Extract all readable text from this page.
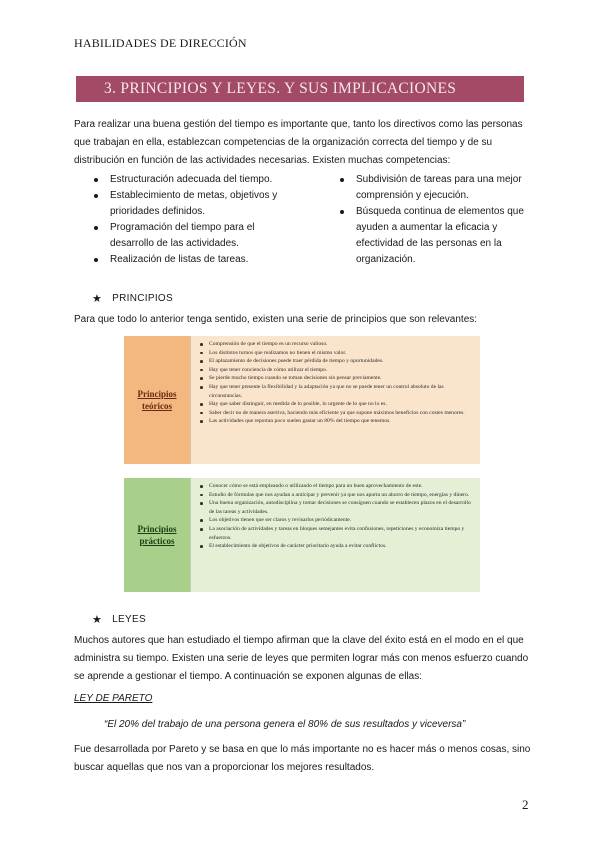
HABILIDADES DE DIRECCIÓN
3. PRINCIPIOS Y LEYES. Y SUS IMPLICACIONES

Para realizar una buena gestión del tiempo es importante que, tanto los directivos como las personas que trabajan en ella, establezcan competencias de la organización correcta del tiempo y de su distribución en función de las actividades necesarias. Existen muchas competencias:

Estructuración adecuada del tiempo.
Establecimiento de metas, objetivos y prioridades definidos.
Programación del tiempo para el desarrollo de las actividades.
Realización de listas de tareas.
Subdivisión de tareas para una mejor comprensión y ejecución.
Búsqueda continua de elementos que ayuden a aumentar la eficacia y efectividad de las personas en la organización.
★ PRINCIPIOS

Para que todo lo anterior tenga sentido, existen una serie de principios que son relevantes:

Principios teóricos
Comprensión de que el tiempo es un recurso valioso.
Los distintos turnos que realizamos no tienen el mismo valor.
El aplazamiento de decisiones puede traer pérdida de tiempo y oportunidades.
Hay que tener conciencia de cómo utilizar el tiempo.
Se pierde mucho tiempo cuando se toman decisiones sin pensar previamente.
Hay que tener presente la flexibilidad y la adaptación ya que no se puede tener un control absoluto de las circunstancias.
Hay que saber distinguir, en medida de lo posible, lo urgente de lo que no lo es.
Saber decir no de manera asertiva, haciendo más eficiente ya que supone máximos beneficios con costes menores.
Las actividades que reportan poco suelen gastar un 80% del tiempo que tenemos.
Principios prácticos
Conocer cómo se está empleando o utilizando el tiempo para un buen aprovechamiento de este.
Estudio de fórmulas que nos ayudan a anticipar y prevenir ya que nos aporta un ahorro de tiempo, energías y dinero.
Una buena organización, autodisciplina y tomar decisiones se consiguen cuando se establecen plazos en el desarrollo de las tareas y actividades.
Los objetivos tienen que ser claros y revisarlos periódicamente.
La asociación de actividades y tareas en bloques semejantes evita confusiones, repeticiones y economiza tiempo y esfuerzos.
El establecimiento de objetivos de carácter prioritario ayuda a evitar conflictos.
★ LEYES

Muchos autores que han estudiado el tiempo afirman que la clave del éxito está en el modo en el que administra su tiempo. Existen una serie de leyes que permiten lograr más con menos esfuerzo cuando se aprende a gestionar el tiempo. A continuación se exponen algunas de ellas:

LEY DE PARETO
“El 20% del trabajo de una persona genera el 80% de sus resultados y viceversa”

Fue desarrollada por Pareto y se basa en que lo más importante no es hacer más o menos cosas, sino buscar aquellas que nos van a proporcionar los mejores resultados.

2
